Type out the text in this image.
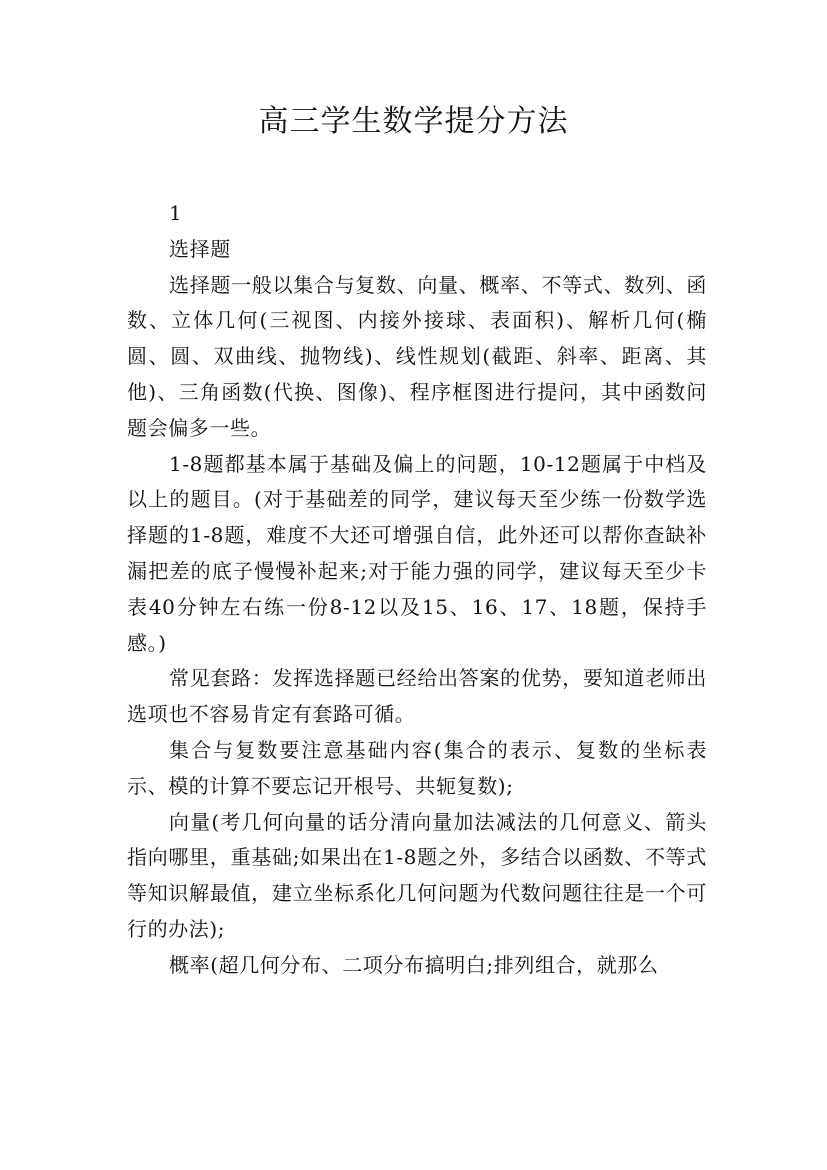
高三学生数学提分方法

1

选择题

选择题一般以集合与复数、向量、概率、不等式、数列、函数、立体几何(三视图、内接外接球、表面积)、解析几何(椭圆、圆、双曲线、抛物线)、线性规划(截距、斜率、距离、其他)、三角函数(代换、图像)、程序框图进行提问，其中函数问题会偏多一些。

1-8题都基本属于基础及偏上的问题，10-12题属于中档及以上的题目。(对于基础差的同学，建议每天至少练一份数学选择题的1-8题，难度不大还可增强自信，此外还可以帮你查缺补漏把差的底子慢慢补起来;对于能力强的同学，建议每天至少卡表40分钟左右练一份8-12以及15、16、17、18题，保持手感。)

常见套路：发挥选择题已经给出答案的优势，要知道老师出选项也不容易肯定有套路可循。

集合与复数要注意基础内容(集合的表示、复数的坐标表示、模的计算不要忘记开根号、共轭复数);

向量(考几何向量的话分清向量加法减法的几何意义、箭头指向哪里，重基础;如果出在1-8题之外，多结合以函数、不等式等知识解最值，建立坐标系化几何问题为代数问题往往是一个可行的办法);

概率(超几何分布、二项分布搞明白;排列组合，就那么
